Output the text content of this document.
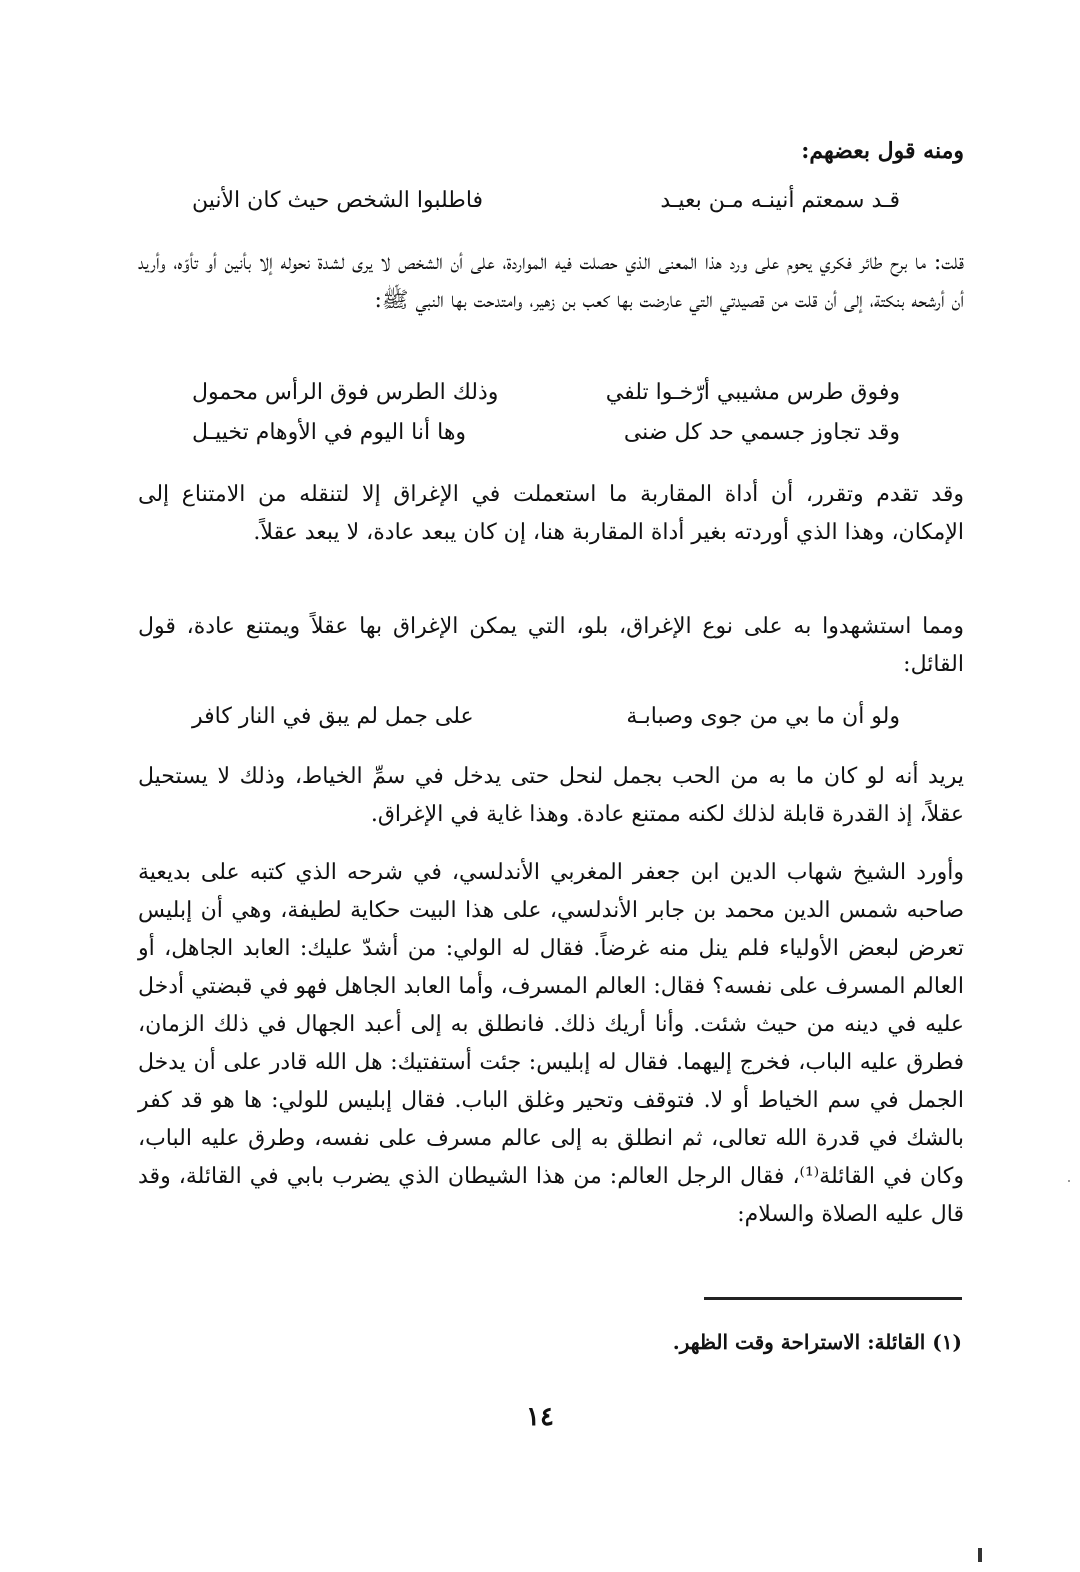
ومنه قول بعضهم:
قـد سمعتم أنينـه مـن بعيـد
فاطلبوا الشخص حيث كان الأنين
قلت: ما برح طائر فكري يحوم على ورد هذا المعنى الذي حصلت فيه المواردة، على أن الشخص لا يرى لشدة نحوله إلا بأنين أو تأوّه، وأريد أن أرشحه بنكتة، إلى أن قلت من قصيدتي التي عارضت بها كعب بن زهير، وامتدحت بها النبي ﷺ:
وفوق طرس مشيبي أرّخـوا تلفي
وذلك الطرس فوق الرأس محمول
وقد تجاوز جسمي حد كل ضنى
وها أنا اليوم في الأوهام تخييـل
وقد تقدم وتقرر، أن أداة المقاربة ما استعملت في الإغراق إلا لتنقله من الامتناع إلى الإمكان، وهذا الذي أوردته بغير أداة المقاربة هنا، إن كان يبعد عادة، لا يبعد عقلاً.
ومما استشهدوا به على نوع الإغراق، بلو، التي يمكن الإغراق بها عقلاً ويمتنع عادة، قول القائل:
ولو أن ما بي من جوى وصبابـة
على جمل لم يبق في النار كافر
يريد أنه لو كان ما به من الحب بجمل لنحل حتى يدخل في سمِّ الخياط، وذلك لا يستحيل عقلاً، إذ القدرة قابلة لذلك لكنه ممتنع عادة. وهذا غاية في الإغراق.
وأورد الشيخ شهاب الدين ابن جعفر المغربي الأندلسي، في شرحه الذي كتبه على بديعية صاحبه شمس الدين محمد بن جابر الأندلسي، على هذا البيت حكاية لطيفة، وهي أن إبليس تعرض لبعض الأولياء فلم ينل منه غرضاً. فقال له الولي: من أشدّ عليك: العابد الجاهل، أو العالم المسرف على نفسه؟ فقال: العالم المسرف، وأما العابد الجاهل فهو في قبضتي أدخل عليه في دينه من حيث شئت. وأنا أريك ذلك. فانطلق به إلى أعبد الجهال في ذلك الزمان، فطرق عليه الباب، فخرج إليهما. فقال له إبليس: جئت أستفتيك: هل الله قادر على أن يدخل الجمل في سم الخياط أو لا. فتوقف وتحير وغلق الباب. فقال إبليس للولي: ها هو قد كفر بالشك في قدرة الله تعالى، ثم انطلق به إلى عالم مسرف على نفسه، وطرق عليه الباب، وكان في القائلة⁽¹⁾، فقال الرجل العالم: من هذا الشيطان الذي يضرب بابي في القائلة، وقد قال عليه الصلاة والسلام:
(١) القائلة: الاستراحة وقت الظهر.
١٤
